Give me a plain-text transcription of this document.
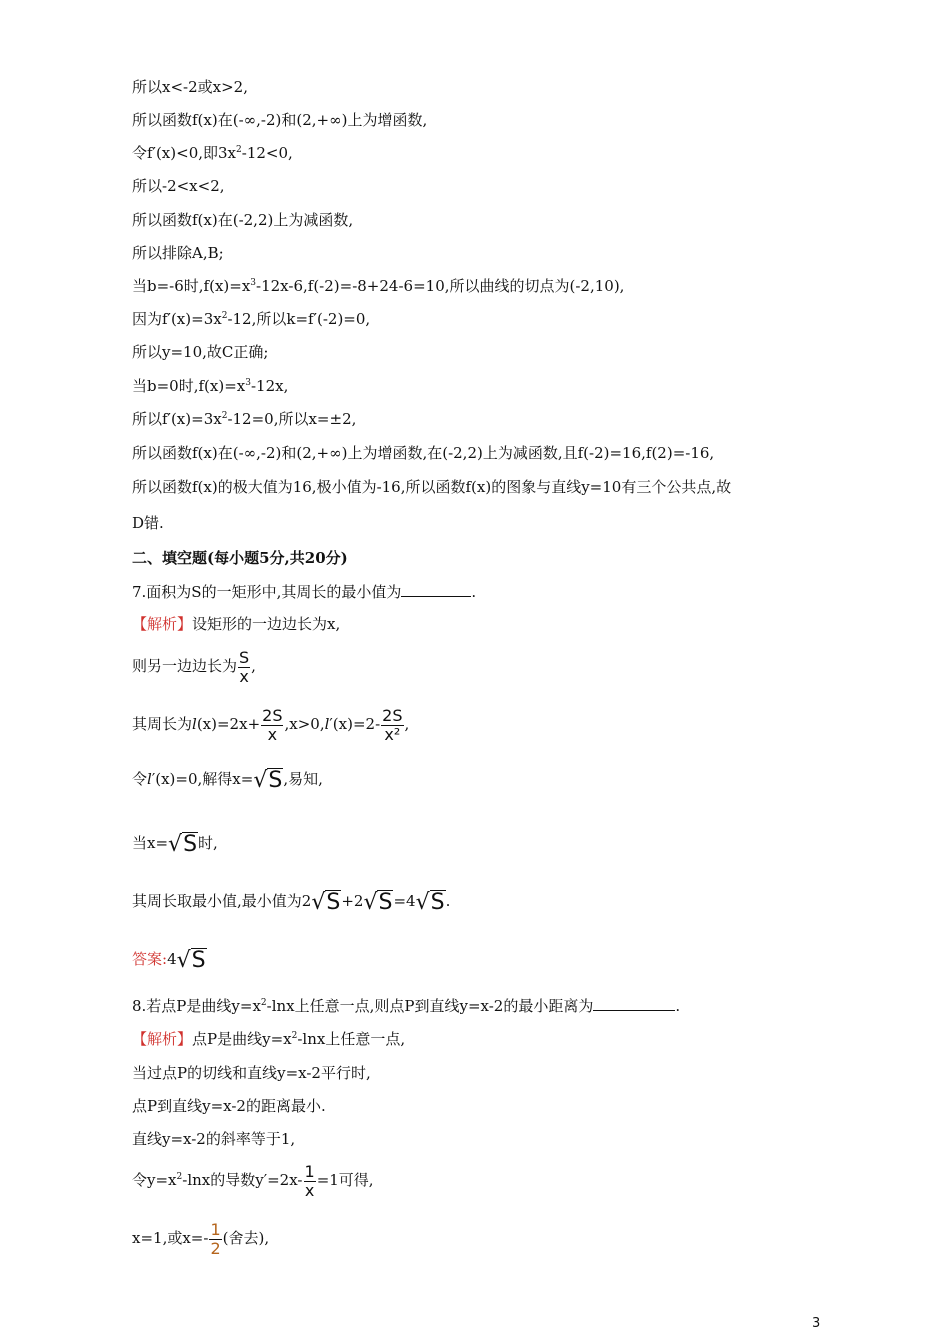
所以x<-2或x>2,
所以函数f(x)在(-∞,-2)和(2,+∞)上为增函数,
令f′(x)<0,即$3x^2-12<0$,
所以-2<x<2,
所以函数f(x)在(-2,2)上为减函数,
所以排除A,B;
当b=-6时$,f(x)=x^3-12x-6,f(-2)=-8+24-6=10$,所以曲线的切点为(-2,10),
因为$f'(x)=3x^2-12$,所以k=f′(-2)=0,
所以y=10,故C正确;
当b=0时$,f(x)=x^3-12x$,
所以$f'(x)=3x^2-12=0$,所以x=±2,
所以函数f(x)在(-∞,-2)和(2,+∞)上为增函数,在(-2,2)上为减函数,且f(-2)=16,f(2)=-16,
所以函数f(x)的极大值为16,极小值为-16,所以函数f(x)的图象与直线y=10有三个公共点,故
D错.
二、填空题(每小题5分,共20分)
7.面积为S的一矩形中,其周长的最小值为	.
【解析】设矩形的一边边长为x,
则另一边边长为 $\frac{S}{x}$ ,
其周长为$l(x)=2x+ \frac{2S}{x} ,x>0,l'(x)=2- \frac{2S}{\text{x²}}$ ,
令l′(x)=0,解得x= √ S ,易知,
当x= √ S 时,
其周长取最小值,最小值为2 √ S +2 √ S =4 √ S .
答案:4 √ S
8.若点P是曲线$y=x^2$-lnx上任意一点,则点P到直线y=x-2的最小距离为	.
【解析】点P是曲线$y=x^2$-lnx上任意一点,
当过点P的切线和直线y=x-2平行时,
点P到直线y=x-2的距离最小.
直线y=x-2的斜率等于1,
令$y=x^2$-lnx的导数$y'=2x- \frac{1}{x} =1$可得,
x=1,或$x=- \frac{1}{2}$ (舍去),
3
